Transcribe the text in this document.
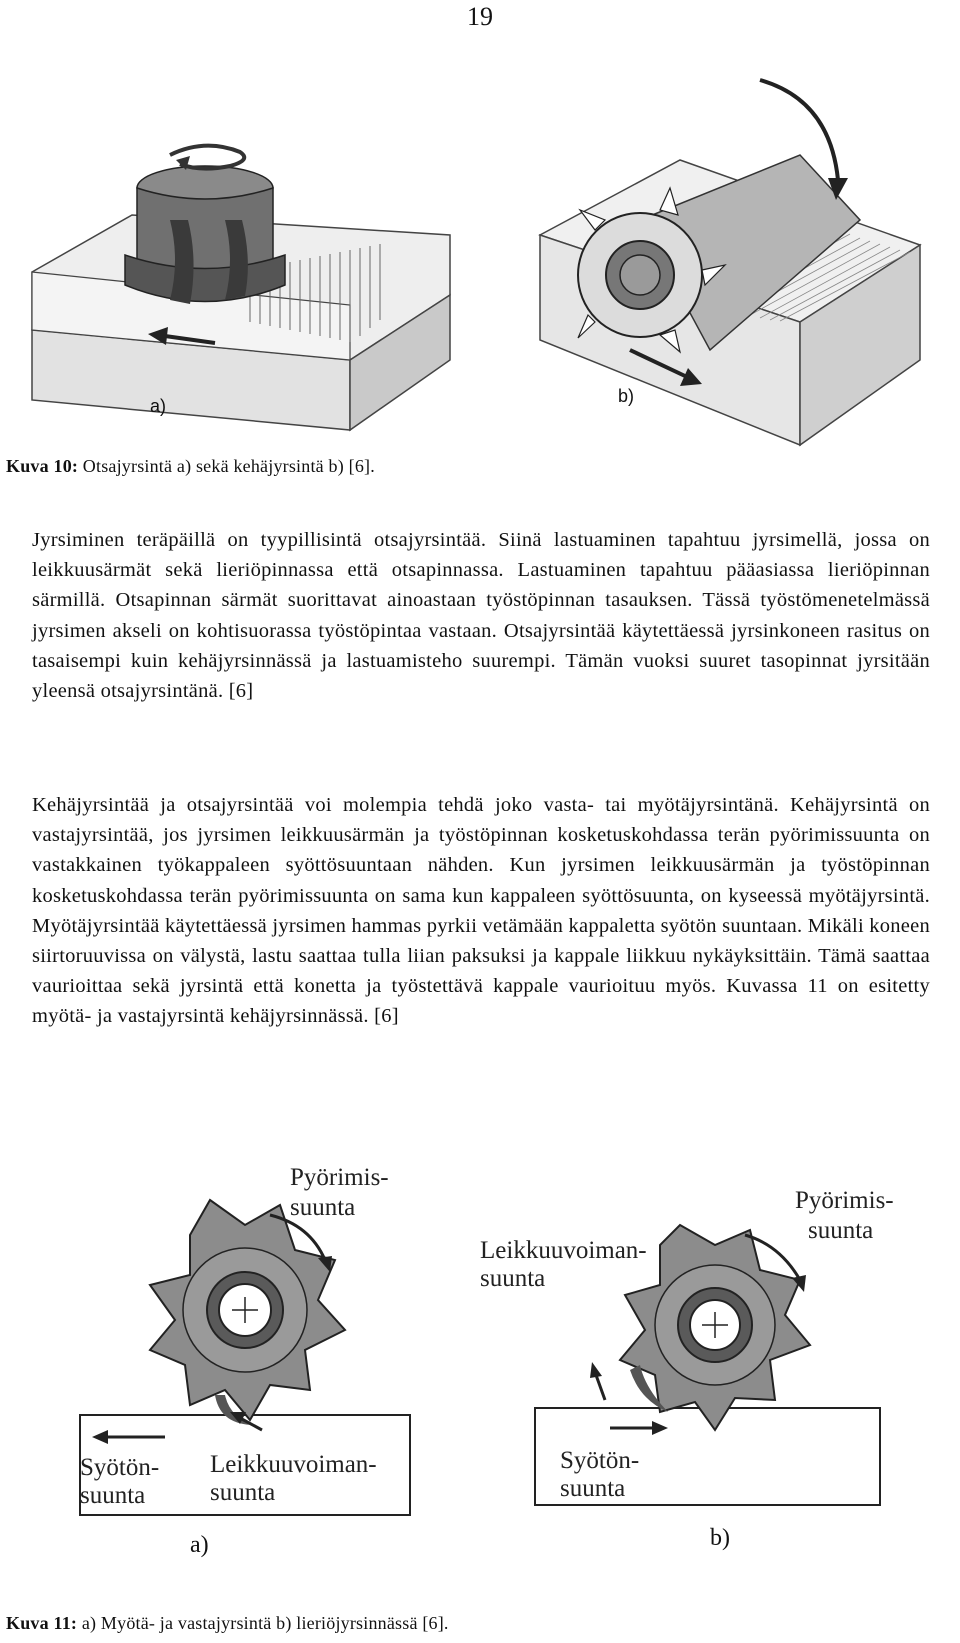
19
a)	b)
Kuva 10: Otsajyrsintä a) sekä kehäjyrsintä b) [6].

Jyrsiminen teräpäillä on tyypillisintä otsajyrsintää. Siinä lastuaminen tapahtuu jyrsimellä, jossa on leikkuusärmät sekä lieriöpinnassa että otsapinnassa. Lastuaminen tapahtuu pääasiassa lieriöpinnan särmillä. Otsapinnan särmät suorittavat ainoastaan työstöpinnan tasauksen. Tässä työstömenetelmässä jyrsimen akseli on kohtisuorassa työstöpintaa vastaan. Otsajyrsintää käytettäessä jyrsinkoneen rasitus on tasaisempi kuin kehäjyrsinnässä ja lastuamisteho suurempi. Tämän vuoksi suuret tasopinnat jyrsitään yleensä otsajyrsintänä. [6]

Kehäjyrsintää ja otsajyrsintää voi molempia tehdä joko vasta- tai myötäjyrsintänä. Kehäjyrsintä on vastajyrsintää, jos jyrsimen leikkuusärmän ja työstöpinnan kosketuskohdassa terän pyörimissuunta on vastakkainen työkappaleen syöttösuuntaan nähden. Kun jyrsimen leikkuusärmän ja työstöpinnan kosketuskohdassa terän pyörimissuunta on sama kun kappaleen syöttösuunta, on kyseessä myötäjyrsintä. Myötäjyrsintää käytettäessä jyrsimen hammas pyrkii vetämään kappaletta syötön suuntaan. Mikäli koneen siirtoruuvissa on välystä, lastu saattaa tulla liian paksuksi ja kappale liikkuu nykäyksittäin. Tämä saattaa vaurioittaa sekä jyrsintä että konetta ja työstettävä kappale vaurioituu myös. Kuvassa 11 on esitetty myötä- ja vastajyrsintä kehäjyrsinnässä. [6]

Pyörimis-
suunta
Syötön-
suunta
Leikkuuvoiman-
suunta
a)
Pyörimis-
suunta
Leikkuuvoiman-
suunta
Syötön-
suunta
b)
Kuva 11: a) Myötä- ja vastajyrsintä b) lieriöjyrsinnässä [6].
